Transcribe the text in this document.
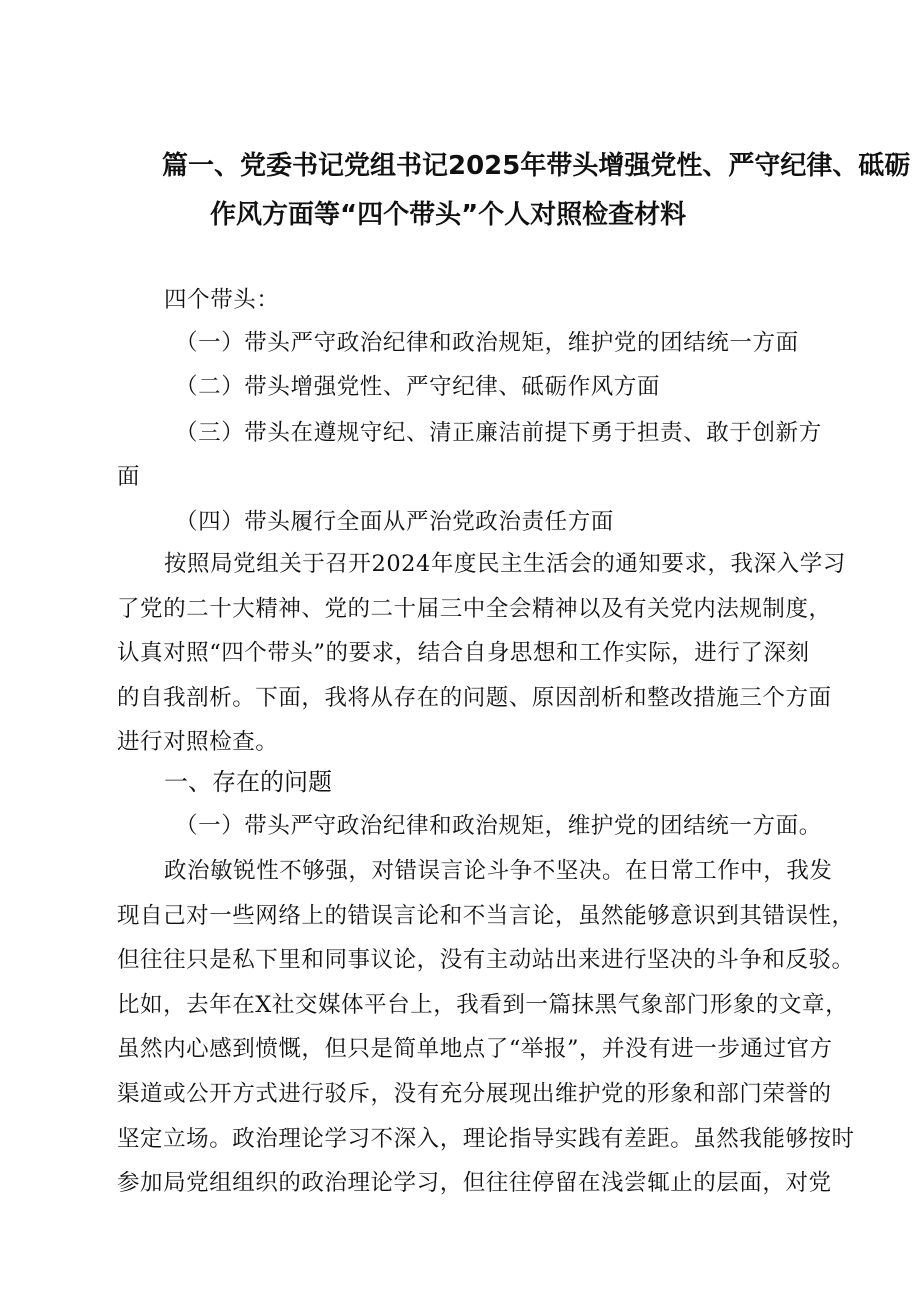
篇一、党委书记党组书记2025年带头增强党性、严守纪律、砥砺
作风方面等“四个带头”个人对照检查材料
四个带头：
（一）带头严守政治纪律和政治规矩，维护党的团结统一方面
（二）带头增强党性、严守纪律、砥砺作风方面
（三）带头在遵规守纪、清正廉洁前提下勇于担责、敢于创新方
面
（四）带头履行全面从严治党政治责任方面
按照局党组关于召开2024年度民主生活会的通知要求，我深入学习
了党的二十大精神、党的二十届三中全会精神以及有关党内法规制度，
认真对照“四个带头”的要求，结合自身思想和工作实际，进行了深刻
的自我剖析。下面，我将从存在的问题、原因剖析和整改措施三个方面
进行对照检查。
一、存在的问题
（一）带头严守政治纪律和政治规矩，维护党的团结统一方面。
政治敏锐性不够强，对错误言论斗争不坚决。在日常工作中，我发
现自己对一些网络上的错误言论和不当言论，虽然能够意识到其错误性，
但往往只是私下里和同事议论，没有主动站出来进行坚决的斗争和反驳。
比如，去年在X社交媒体平台上，我看到一篇抹黑气象部门形象的文章，
虽然内心感到愤慨，但只是简单地点了“举报”，并没有进一步通过官方
渠道或公开方式进行驳斥，没有充分展现出维护党的形象和部门荣誉的
坚定立场。政治理论学习不深入，理论指导实践有差距。虽然我能够按时
参加局党组组织的政治理论学习，但往往停留在浅尝辄止的层面，对党
